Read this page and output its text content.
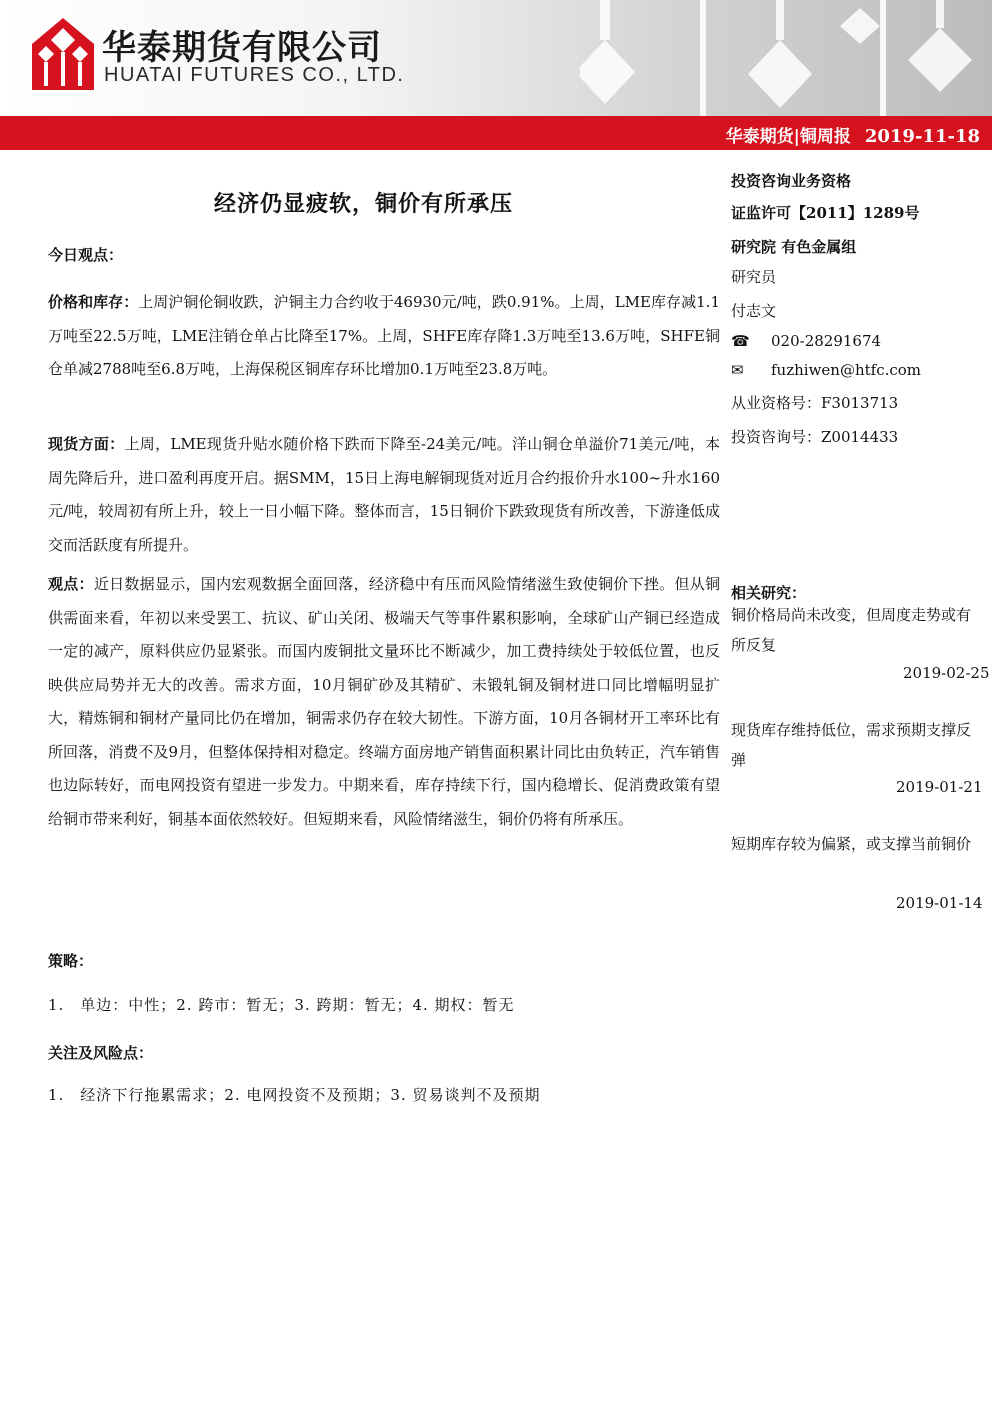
华泰期货有限公司
HUATAI FUTURES CO., LTD.
华泰期货|铜周报 2019-11-18
经济仍显疲软，铜价有所承压
今日观点：

价格和库存：上周沪铜伦铜收跌，沪铜主力合约收于46930元/吨，跌0.91%。上周，LME库存减1.1万吨至22.5万吨，LME注销仓单占比降至17%。上周，SHFE库存降1.3万吨至13.6万吨，SHFE铜仓单减2788吨至6.8万吨，上海保税区铜库存环比增加0.1万吨至23.8万吨。

现货方面：上周，LME现货升贴水随价格下跌而下降至-24美元/吨。洋山铜仓单溢价71美元/吨，本周先降后升，进口盈利再度开启。据SMM，15日上海电解铜现货对近月合约报价升水100~升水160元/吨，较周初有所上升，较上一日小幅下降。整体而言，15日铜价下跌致现货有所改善，下游逢低成交而活跃度有所提升。

观点：近日数据显示，国内宏观数据全面回落，经济稳中有压而风险情绪滋生致使铜价下挫。但从铜供需面来看，年初以来受罢工、抗议、矿山关闭、极端天气等事件累积影响，全球矿山产铜已经造成一定的减产，原料供应仍显紧张。而国内废铜批文量环比不断减少，加工费持续处于较低位置，也反映供应局势并无大的改善。需求方面，10月铜矿砂及其精矿、未锻轧铜及铜材进口同比增幅明显扩大，精炼铜和铜材产量同比仍在增加，铜需求仍存在较大韧性。下游方面，10月各铜材开工率环比有所回落，消费不及9月，但整体保持相对稳定。终端方面房地产销售面积累计同比由负转正，汽车销售也边际转好，而电网投资有望进一步发力。中期来看，库存持续下行，国内稳增长、促消费政策有望给铜市带来利好，铜基本面依然较好。但短期来看，风险情绪滋生，铜价仍将有所承压。

策略：
1.　单边：中性；2. 跨市：暂无；3. 跨期：暂无；4. 期权：暂无
关注及风险点：
1.　经济下行拖累需求；2. 电网投资不及预期；3. 贸易谈判不及预期
投资咨询业务资格
证监许可【2011】1289号
研究院 有色金属组
研究员
付志文
☎ 020-28291674
✉ fuzhiwen@htfc.com
从业资格号：F3013713
投资咨询号：Z0014433
相关研究：
铜价格局尚未改变，但周度走势或有所反复
2019-02-25
现货库存维持低位，需求预期支撑反弹
2019-01-21
短期库存较为偏紧，或支撑当前铜价
2019-01-14
